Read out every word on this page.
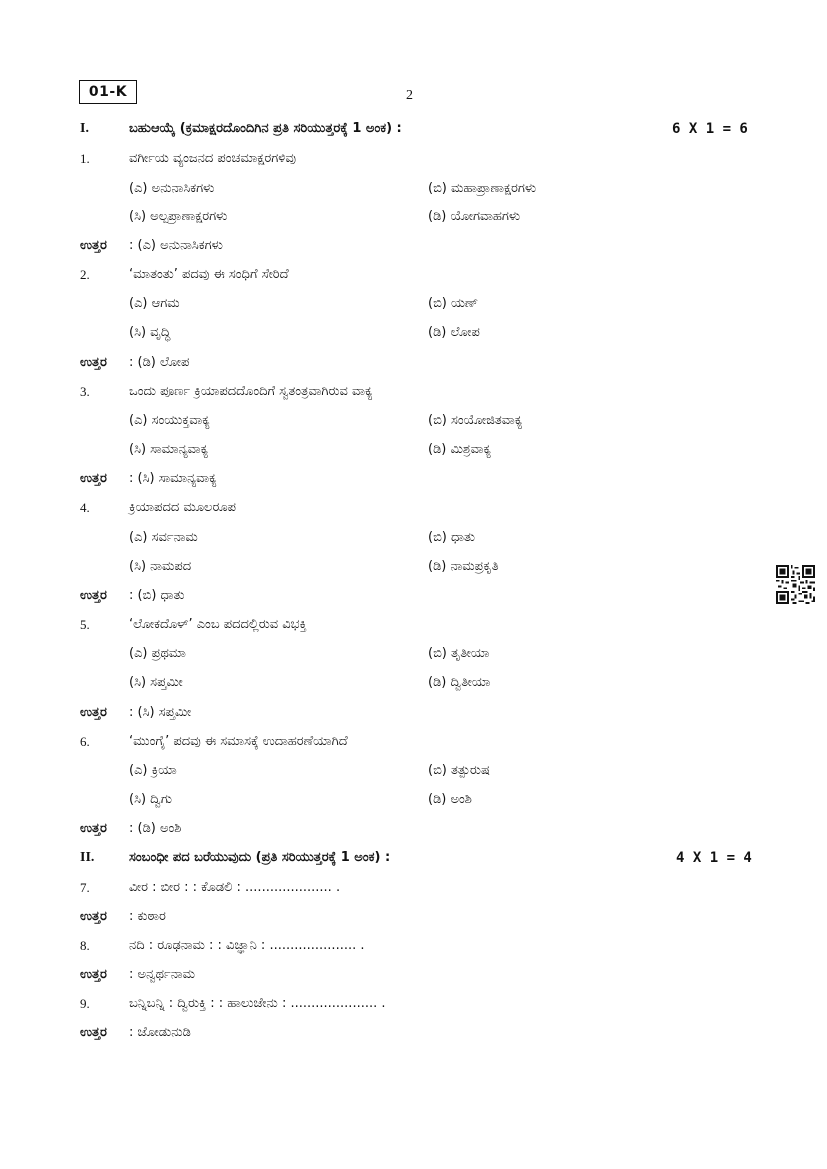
01-K	2
I.	ಬಹುಆಯ್ಕೆ (ಕ್ರಮಾಕ್ಷರದೊಂದಿಗಿನ ಪ್ರತಿ ಸರಿಯುತ್ತರಕ್ಕೆ 1 ಅಂಕ) :	6 X 1 = 6
1.	ವರ್ಗೀಯ ವ್ಯಂಜನದ ಪಂಚಮಾಕ್ಷರಗಳಿವು
(ಎ) ಅನುನಾಸಿಕಗಳು	(ಬಿ) ಮಹಾಪ್ರಾಣಾಕ್ಷರಗಳು
(ಸಿ) ಅಲ್ಪಪ್ರಾಣಾಕ್ಷರಗಳು	(ಡಿ) ಯೋಗವಾಹಗಳು
ಉತ್ತರ : (ಎ) ಅನುನಾಸಿಕಗಳು
2.	‘ಮಾತಂತು’ ಪದವು ಈ ಸಂಧಿಗೆ ಸೇರಿದೆ
(ಎ) ಆಗಮ	(ಬಿ) ಯಣ್
(ಸಿ) ವೃದ್ಧಿ	(ಡಿ) ಲೋಪ
ಉತ್ತರ : (ಡಿ) ಲೋಪ
3.	ಒಂದು ಪೂರ್ಣ ಕ್ರಿಯಾಪದದೊಂದಿಗೆ ಸ್ವತಂತ್ರವಾಗಿರುವ ವಾಕ್ಯ
(ಎ) ಸಂಯುಕ್ತವಾಕ್ಯ	(ಬಿ) ಸಂಯೋಜಿತವಾಕ್ಯ
(ಸಿ) ಸಾಮಾನ್ಯವಾಕ್ಯ	(ಡಿ) ಮಿಶ್ರವಾಕ್ಯ
ಉತ್ತರ : (ಸಿ) ಸಾಮಾನ್ಯವಾಕ್ಯ
4.	ಕ್ರಿಯಾಪದದ ಮೂಲರೂಪ
(ಎ) ಸರ್ವನಾಮ	(ಬಿ) ಧಾತು
(ಸಿ) ನಾಮಪದ	(ಡಿ) ನಾಮಪ್ರಕೃತಿ
ಉತ್ತರ : (ಬಿ) ಧಾತು
5.	‘ಲೋಕದೊಳ್’ ಎಂಬ ಪದದಲ್ಲಿರುವ ವಿಭಕ್ತಿ
(ಎ) ಪ್ರಥಮಾ	(ಬಿ) ತೃತೀಯಾ
(ಸಿ) ಸಪ್ತಮೀ	(ಡಿ) ದ್ವಿತೀಯಾ
ಉತ್ತರ : (ಸಿ) ಸಪ್ತಮೀ
6.	‘ಮುಂಗೈ’ ಪದವು ಈ ಸಮಾಸಕ್ಕೆ ಉದಾಹರಣೆಯಾಗಿದೆ
(ಎ) ಕ್ರಿಯಾ	(ಬಿ) ತತ್ಪುರುಷ
(ಸಿ) ದ್ವಿಗು	(ಡಿ) ಅಂಶಿ
ಉತ್ತರ : (ಡಿ) ಅಂಶಿ
II.	ಸಂಬಂಧೀ ಪದ ಬರೆಯುವುದು (ಪ್ರತಿ ಸರಿಯುತ್ತರಕ್ಕೆ 1 ಅಂಕ) :	4 X 1 = 4
7.	ವೀರ : ಬೀರ : : ಕೊಡಲಿ : ..................... .
ಉತ್ತರ : ಕುಠಾರ
8.	ನದಿ : ರೂಢನಾಮ : : ವಿಜ್ಞಾನಿ : ..................... .
ಉತ್ತರ : ಅನ್ವರ್ಥನಾಮ
9.	ಬನ್ನಿಬನ್ನಿ : ದ್ವಿರುಕ್ತಿ : : ಹಾಲುಜೇನು : ..................... .
ಉತ್ತರ : ಜೋಡುನುಡಿ
